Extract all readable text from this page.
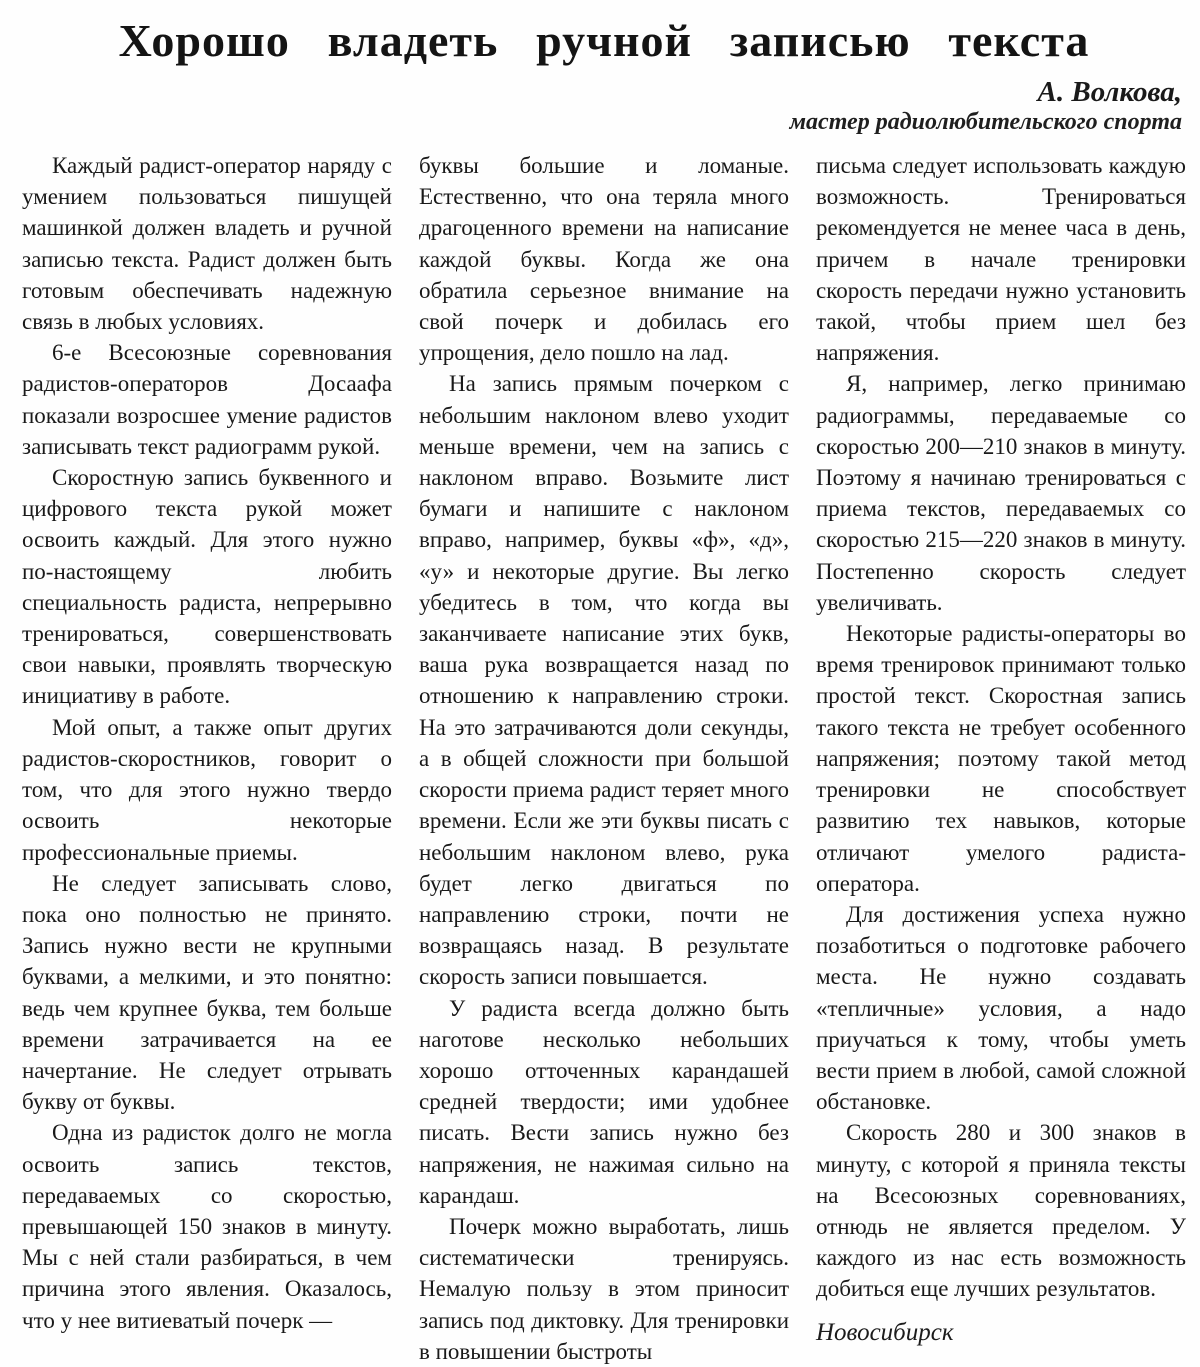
Хорошо владеть ручной записью текста
А. Волкова,
мастер радиолюбительского спорта

Каждый радист-оператор наряду с умением пользоваться пишущей машинкой должен владеть и ручной записью текста. Радист должен быть готовым обеспечивать надежную связь в любых условиях.

6-е Всесоюзные соревнования радистов-операторов Досаафа показали возросшее умение радистов записывать текст радиограмм рукой.

Скоростную запись буквенного и цифрового текста рукой может освоить каждый. Для этого нужно по-настоящему любить специальность радиста, непрерывно тренироваться, совершенствовать свои навыки, проявлять творческую инициативу в работе.

Мой опыт, а также опыт других радистов-скоростников, говорит о том, что для этого нужно твердо освоить некоторые профессиональные приемы.

Не следует записывать слово, пока оно полностью не принято. Запись нужно вести не крупными буквами, а мелкими, и это понятно: ведь чем крупнее буква, тем больше времени затрачивается на ее начертание. Не следует отрывать букву от буквы.

Одна из радисток долго не могла освоить запись текстов, передаваемых со скоростью, превышающей 150 знаков в минуту. Мы с ней стали разбираться, в чем причина этого явления. Оказалось, что у нее витиеватый почерк —

буквы большие и ломаные. Естественно, что она теряла много драгоценного времени на написание каждой буквы. Когда же она обратила серьезное внимание на свой почерк и добилась его упрощения, дело пошло на лад.

На запись прямым почерком с небольшим наклоном влево уходит меньше времени, чем на запись с наклоном вправо. Возьмите лист бумаги и напишите с наклоном вправо, например, буквы «ф», «д», «у» и некоторые другие. Вы легко убедитесь в том, что когда вы заканчиваете написание этих букв, ваша рука возвращается назад по отношению к направлению строки. На это затрачиваются доли секунды, а в общей сложности при большой скорости приема радист теряет много времени. Если же эти буквы писать с небольшим наклоном влево, рука будет легко двигаться по направлению строки, почти не возвращаясь назад. В результате скорость записи повышается.

У радиста всегда должно быть наготове несколько небольших хорошо отточенных карандашей средней твердости; ими удобнее писать. Вести запись нужно без напряжения, не нажимая сильно на карандаш.

Почерк можно выработать, лишь систематически тренируясь. Немалую пользу в этом приносит запись под диктовку. Для тренировки в повышении быстроты

письма следует использовать каждую возможность. Тренироваться рекомендуется не менее часа в день, причем в начале тренировки скорость передачи нужно установить такой, чтобы прием шел без напряжения.

Я, например, легко принимаю радиограммы, передаваемые со скоростью 200—210 знаков в минуту. Поэтому я начинаю тренироваться с приема текстов, передаваемых со скоростью 215—220 знаков в минуту. Постепенно скорость следует увеличивать.

Некоторые радисты-операторы во время тренировок принимают только простой текст. Скоростная запись такого текста не требует особенного напряжения; поэтому такой метод тренировки не способствует развитию тех навыков, которые отличают умелого радиста-оператора.

Для достижения успеха нужно позаботиться о подготовке рабочего места. Не нужно создавать «тепличные» условия, а надо приучаться к тому, чтобы уметь вести прием в любой, самой сложной обстановке.

Скорость 280 и 300 знаков в минуту, с которой я приняла тексты на Всесоюзных соревнованиях, отнюдь не является пределом. У каждого из нас есть возможность добиться еще лучших результатов.

Новосибирск
